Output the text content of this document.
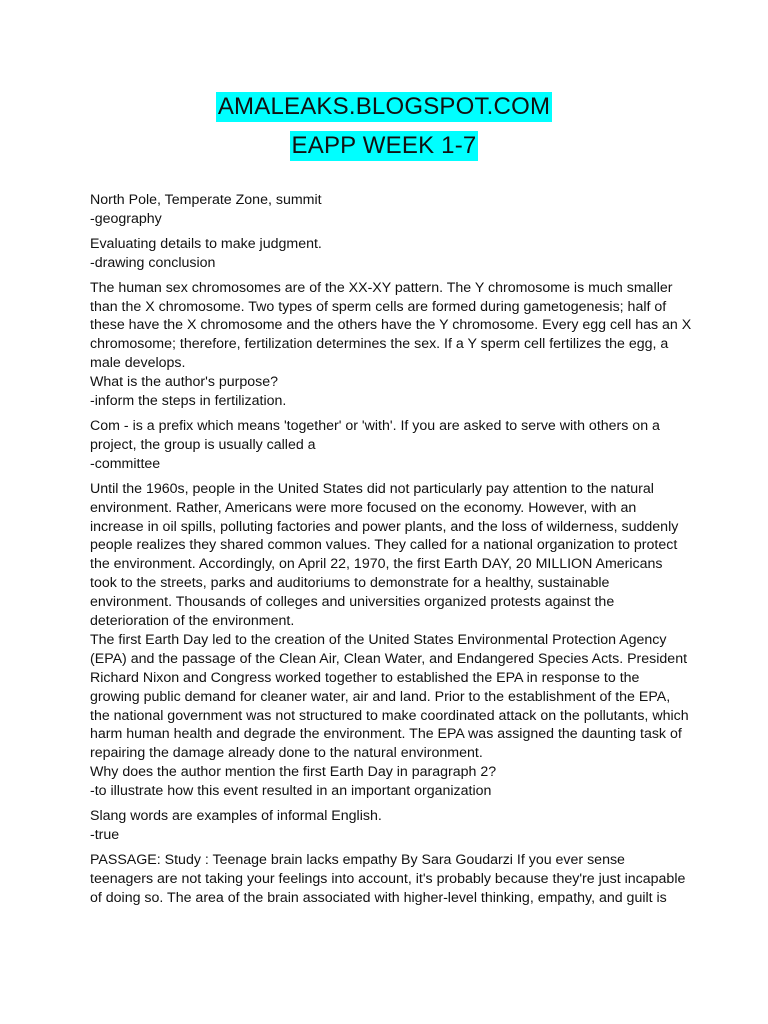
AMALEAKS.BLOGSPOT.COM
EAPP WEEK 1-7
North Pole, Temperate Zone, summit
-geography
Evaluating details to make judgment.
-drawing conclusion
The human sex chromosomes are of the XX-XY pattern. The Y chromosome is much smaller
than the X chromosome. Two types of sperm cells are formed during gametogenesis; half of
these have the X chromosome and the others have the Y chromosome. Every egg cell has an X
chromosome; therefore, fertilization determines the sex. If a Y sperm cell fertilizes the egg, a
male develops.
What is the author's purpose?
-inform the steps in fertilization.
Com - is a prefix which means 'together' or 'with'. If you are asked to serve with others on a
project, the group is usually called a
-committee
Until the 1960s, people in the United States did not particularly pay attention to the natural
environment. Rather, Americans were more focused on the economy. However, with an
increase in oil spills, polluting factories and power plants, and the loss of wilderness, suddenly
people realizes they shared common values. They called for a national organization to protect
the environment. Accordingly, on April 22, 1970, the first Earth DAY, 20 MILLION Americans
took to the streets, parks and auditoriums to demonstrate for a healthy, sustainable
environment. Thousands of colleges and universities organized protests against the
deterioration of the environment.
The first Earth Day led to the creation of the United States Environmental Protection Agency
(EPA) and the passage of the Clean Air, Clean Water, and Endangered Species Acts. President
Richard Nixon and Congress worked together to established the EPA in response to the
growing public demand for cleaner water, air and land. Prior to the establishment of the EPA,
the national government was not structured to make coordinated attack on the pollutants, which
harm human health and degrade the environment. The EPA was assigned the daunting task of
repairing the damage already done to the natural environment.
Why does the author mention the first Earth Day in paragraph 2?
-to illustrate how this event resulted in an important organization
Slang words are examples of informal English.
-true
PASSAGE: Study : Teenage brain lacks empathy By Sara Goudarzi If you ever sense
teenagers are not taking your feelings into account, it's probably because they're just incapable
of doing so. The area of the brain associated with higher-level thinking, empathy, and guilt is
